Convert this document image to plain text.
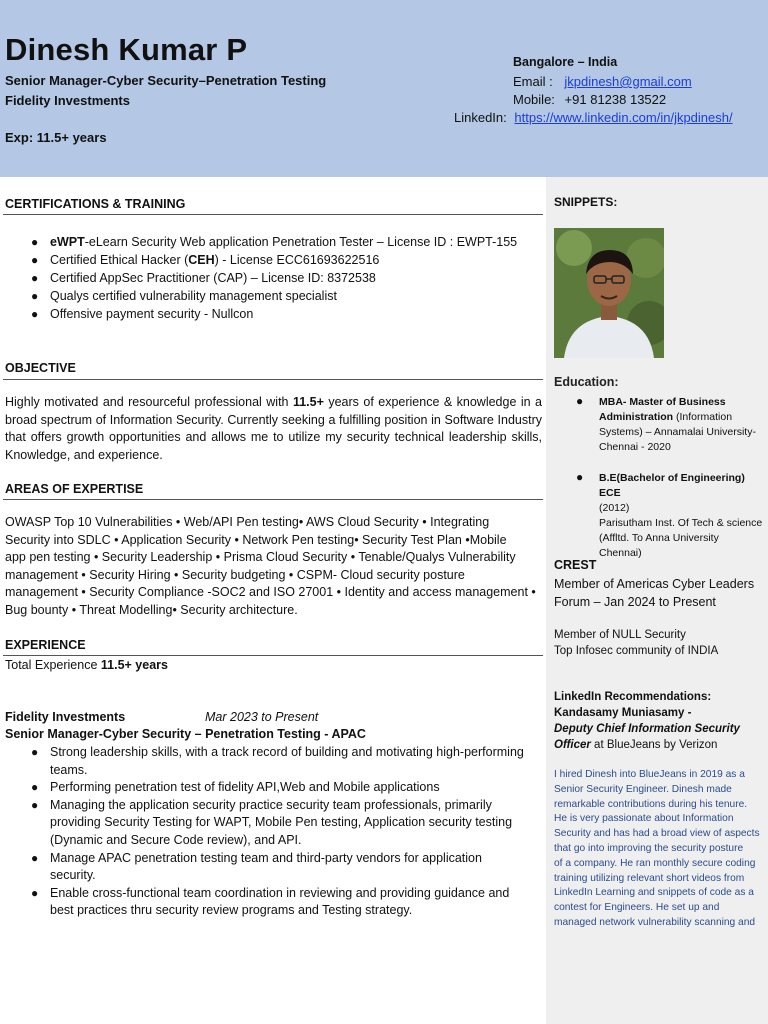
Dinesh Kumar P
Senior Manager-Cyber Security–Penetration Testing
Fidelity Investments
Exp: 11.5+ years
Bangalore – India
Email : jkpdinesh@gmail.com
Mobile: +91 81238 13522
LinkedIn: https://www.linkedin.com/in/jkpdinesh/
CERTIFICATIONS & TRAINING
● eWPT-eLearn Security Web application Penetration Tester – License ID : EWPT-155
● Certified Ethical Hacker (CEH) - License ECC61693622516
● Certified AppSec Practitioner (CAP) – License ID: 8372538
● Qualys certified vulnerability management specialist
● Offensive payment security - Nullcon
OBJECTIVE
Highly motivated and resourceful professional with 11.5+ years of experience & knowledge in a broad spectrum of Information Security. Currently seeking a fulfilling position in Software Industry that offers growth opportunities and allows me to utilize my security technical leadership skills, Knowledge, and experience.
AREAS OF EXPERTISE
OWASP Top 10 Vulnerabilities • Web/API Pen testing• AWS Cloud Security • Integrating
Security into SDLC • Application Security • Network Pen testing• Security Test Plan •Mobile
app pen testing • Security Leadership • Prisma Cloud Security • Tenable/Qualys Vulnerability
management • Security Hiring • Security budgeting • CSPM- Cloud security posture
management • Security Compliance -SOC2 and ISO 27001 • Identity and access management •
Bug bounty • Threat Modelling• Security architecture.
EXPERIENCE
Total Experience 11.5+ years
Fidelity Investments	Mar 2023 to Present
Senior Manager-Cyber Security – Penetration Testing - APAC
● Strong leadership skills, with a track record of building and motivating high-performing
teams.
● Performing penetration test of fidelity API,Web and Mobile applications
● Managing the application security practice security team professionals, primarily
providing Security Testing for WAPT, Mobile Pen testing, Application security testing
(Dynamic and Secure Code review), and API.
● Manage APAC penetration testing team and third-party vendors for application
security.
● Enable cross-functional team coordination in reviewing and providing guidance and
best practices thru security review programs and Testing strategy.
SNIPPETS:
Education:
● MBA- Master of Business Administration (Information
Systems) – Annamalai University-
Chennai - 2020
● B.E(Bachelor of Engineering) ECE
(2012)
Parisutham Inst. Of Tech & science
(Affltd. To Anna University
Chennai)
CREST
Member of Americas Cyber Leaders
Forum – Jan 2024 to Present
Member of NULL Security
Top Infosec community of INDIA
LinkedIn Recommendations:
Kandasamy Muniasamy -
Deputy Chief Information Security
Officer at BlueJeans by Verizon
I hired Dinesh into BlueJeans in 2019 as a
Senior Security Engineer. Dinesh made
remarkable contributions during his tenure.
He is very passionate about Information
Security and has had a broad view of aspects
that go into improving the security posture
of a company. He ran monthly secure coding
training utilizing relevant short videos from
LinkedIn Learning and snippets of code as a
contest for Engineers. He set up and
managed network vulnerability scanning and
